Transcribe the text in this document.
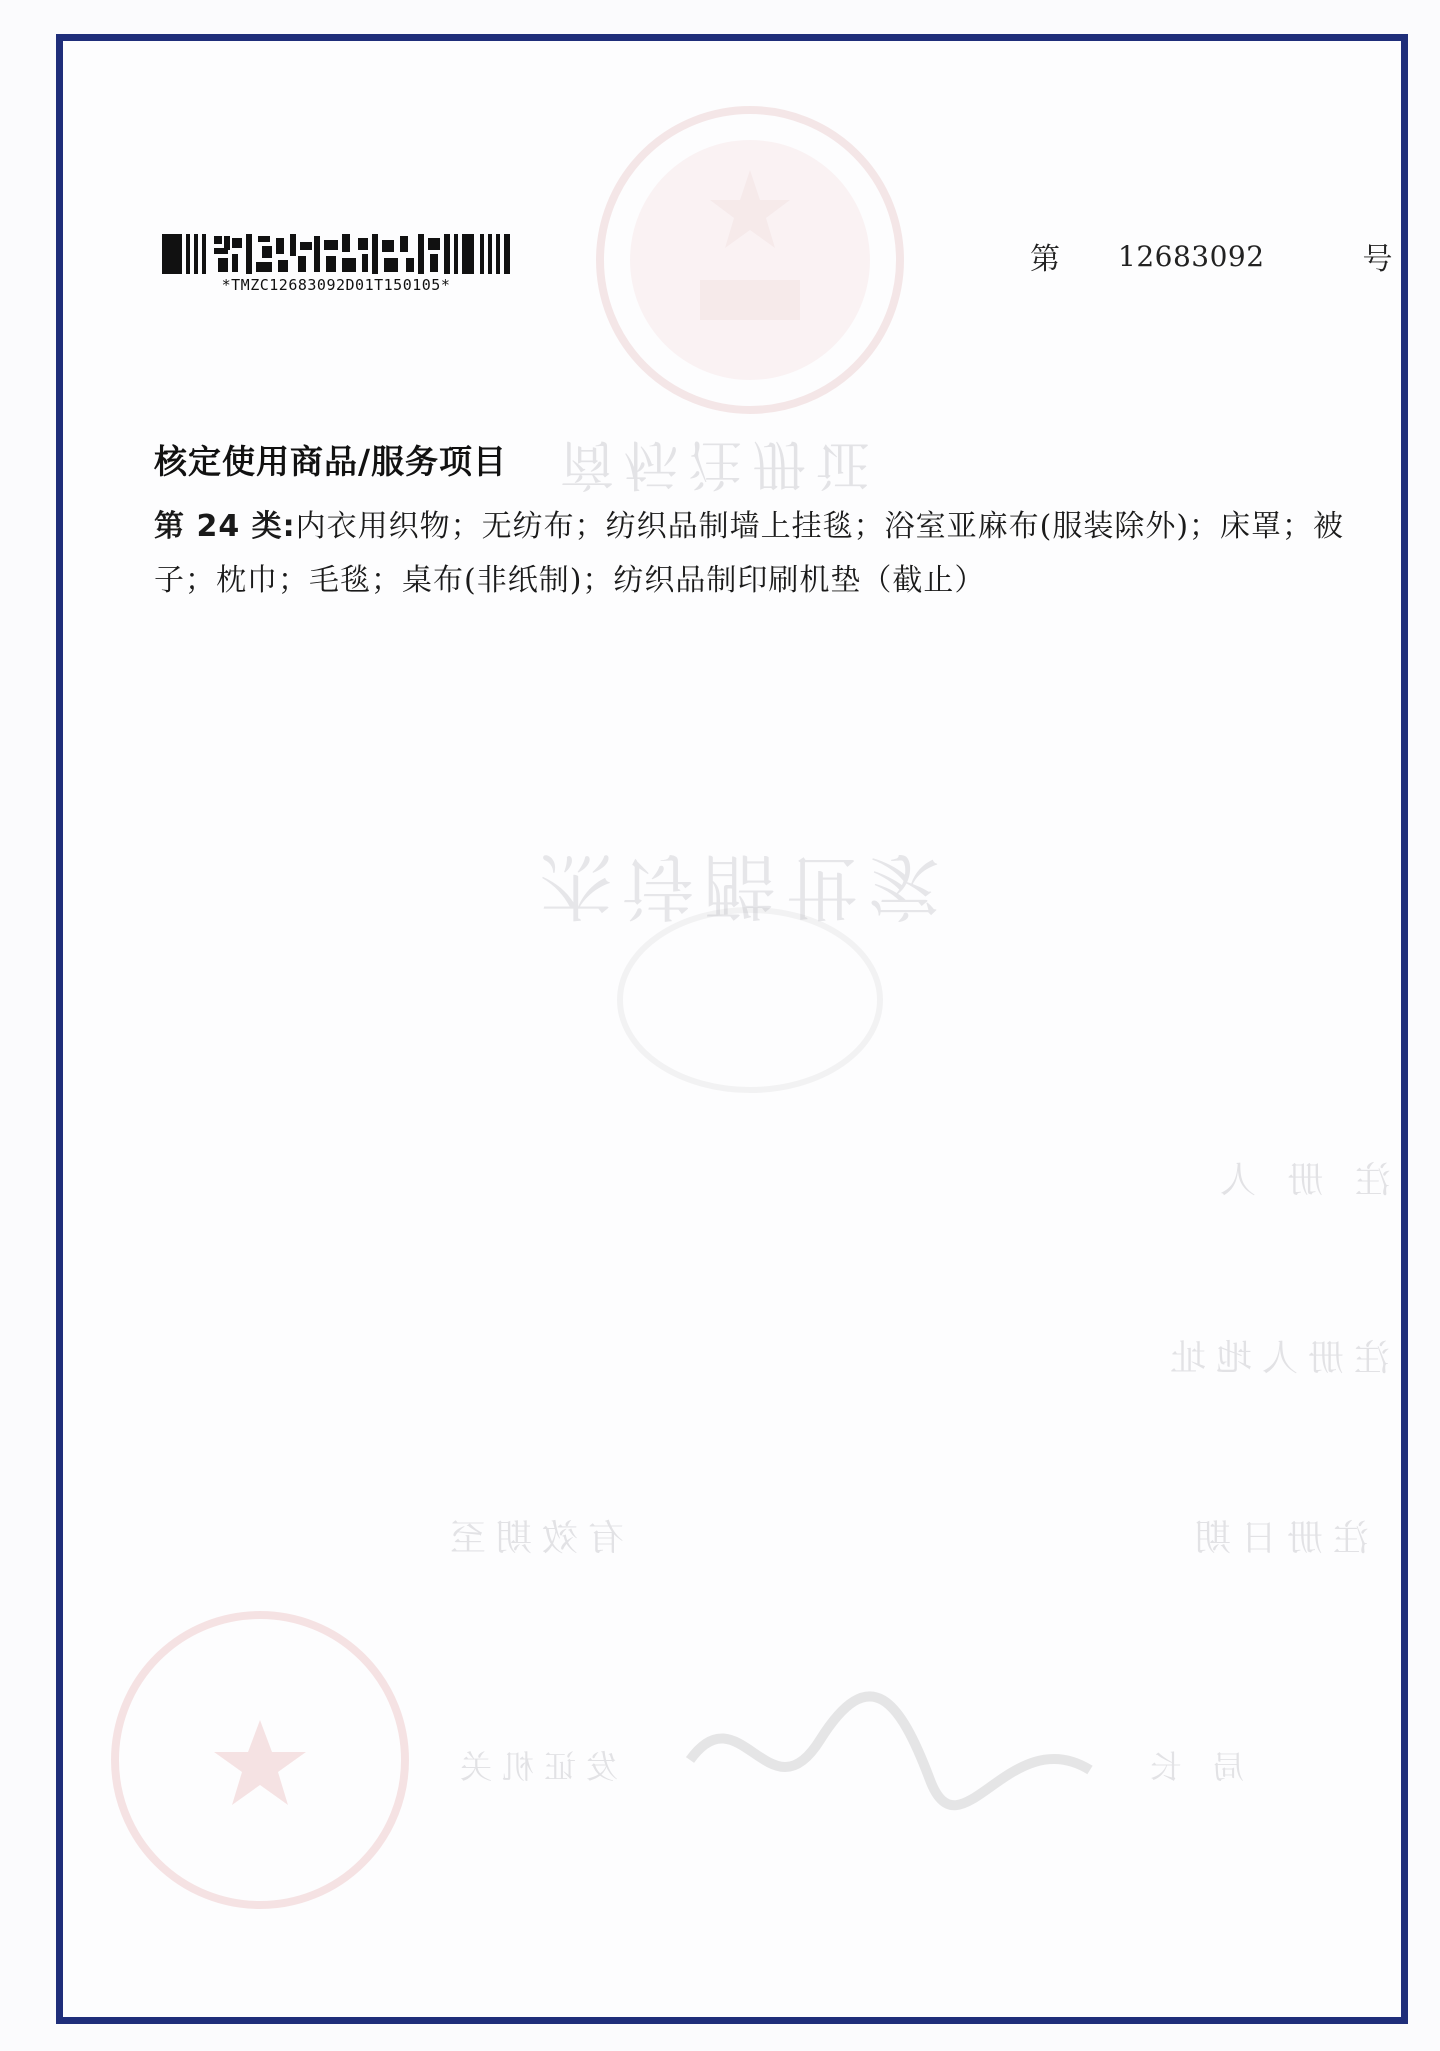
商标注册证
杰诗酷世家
注 册 人
注册人地址
注册日期
有效期至
发证机关	局 长
*TMZC12683092D01T150105*
第 12683092	号
核定使用商品/服务项目
第 24 类:内衣用织物；无纺布；纺织品制墙上挂毯；浴室亚麻布(服装除外)；床罩；被子；枕巾；毛毯；桌布(非纸制)；纺织品制印刷机垫（截止）
